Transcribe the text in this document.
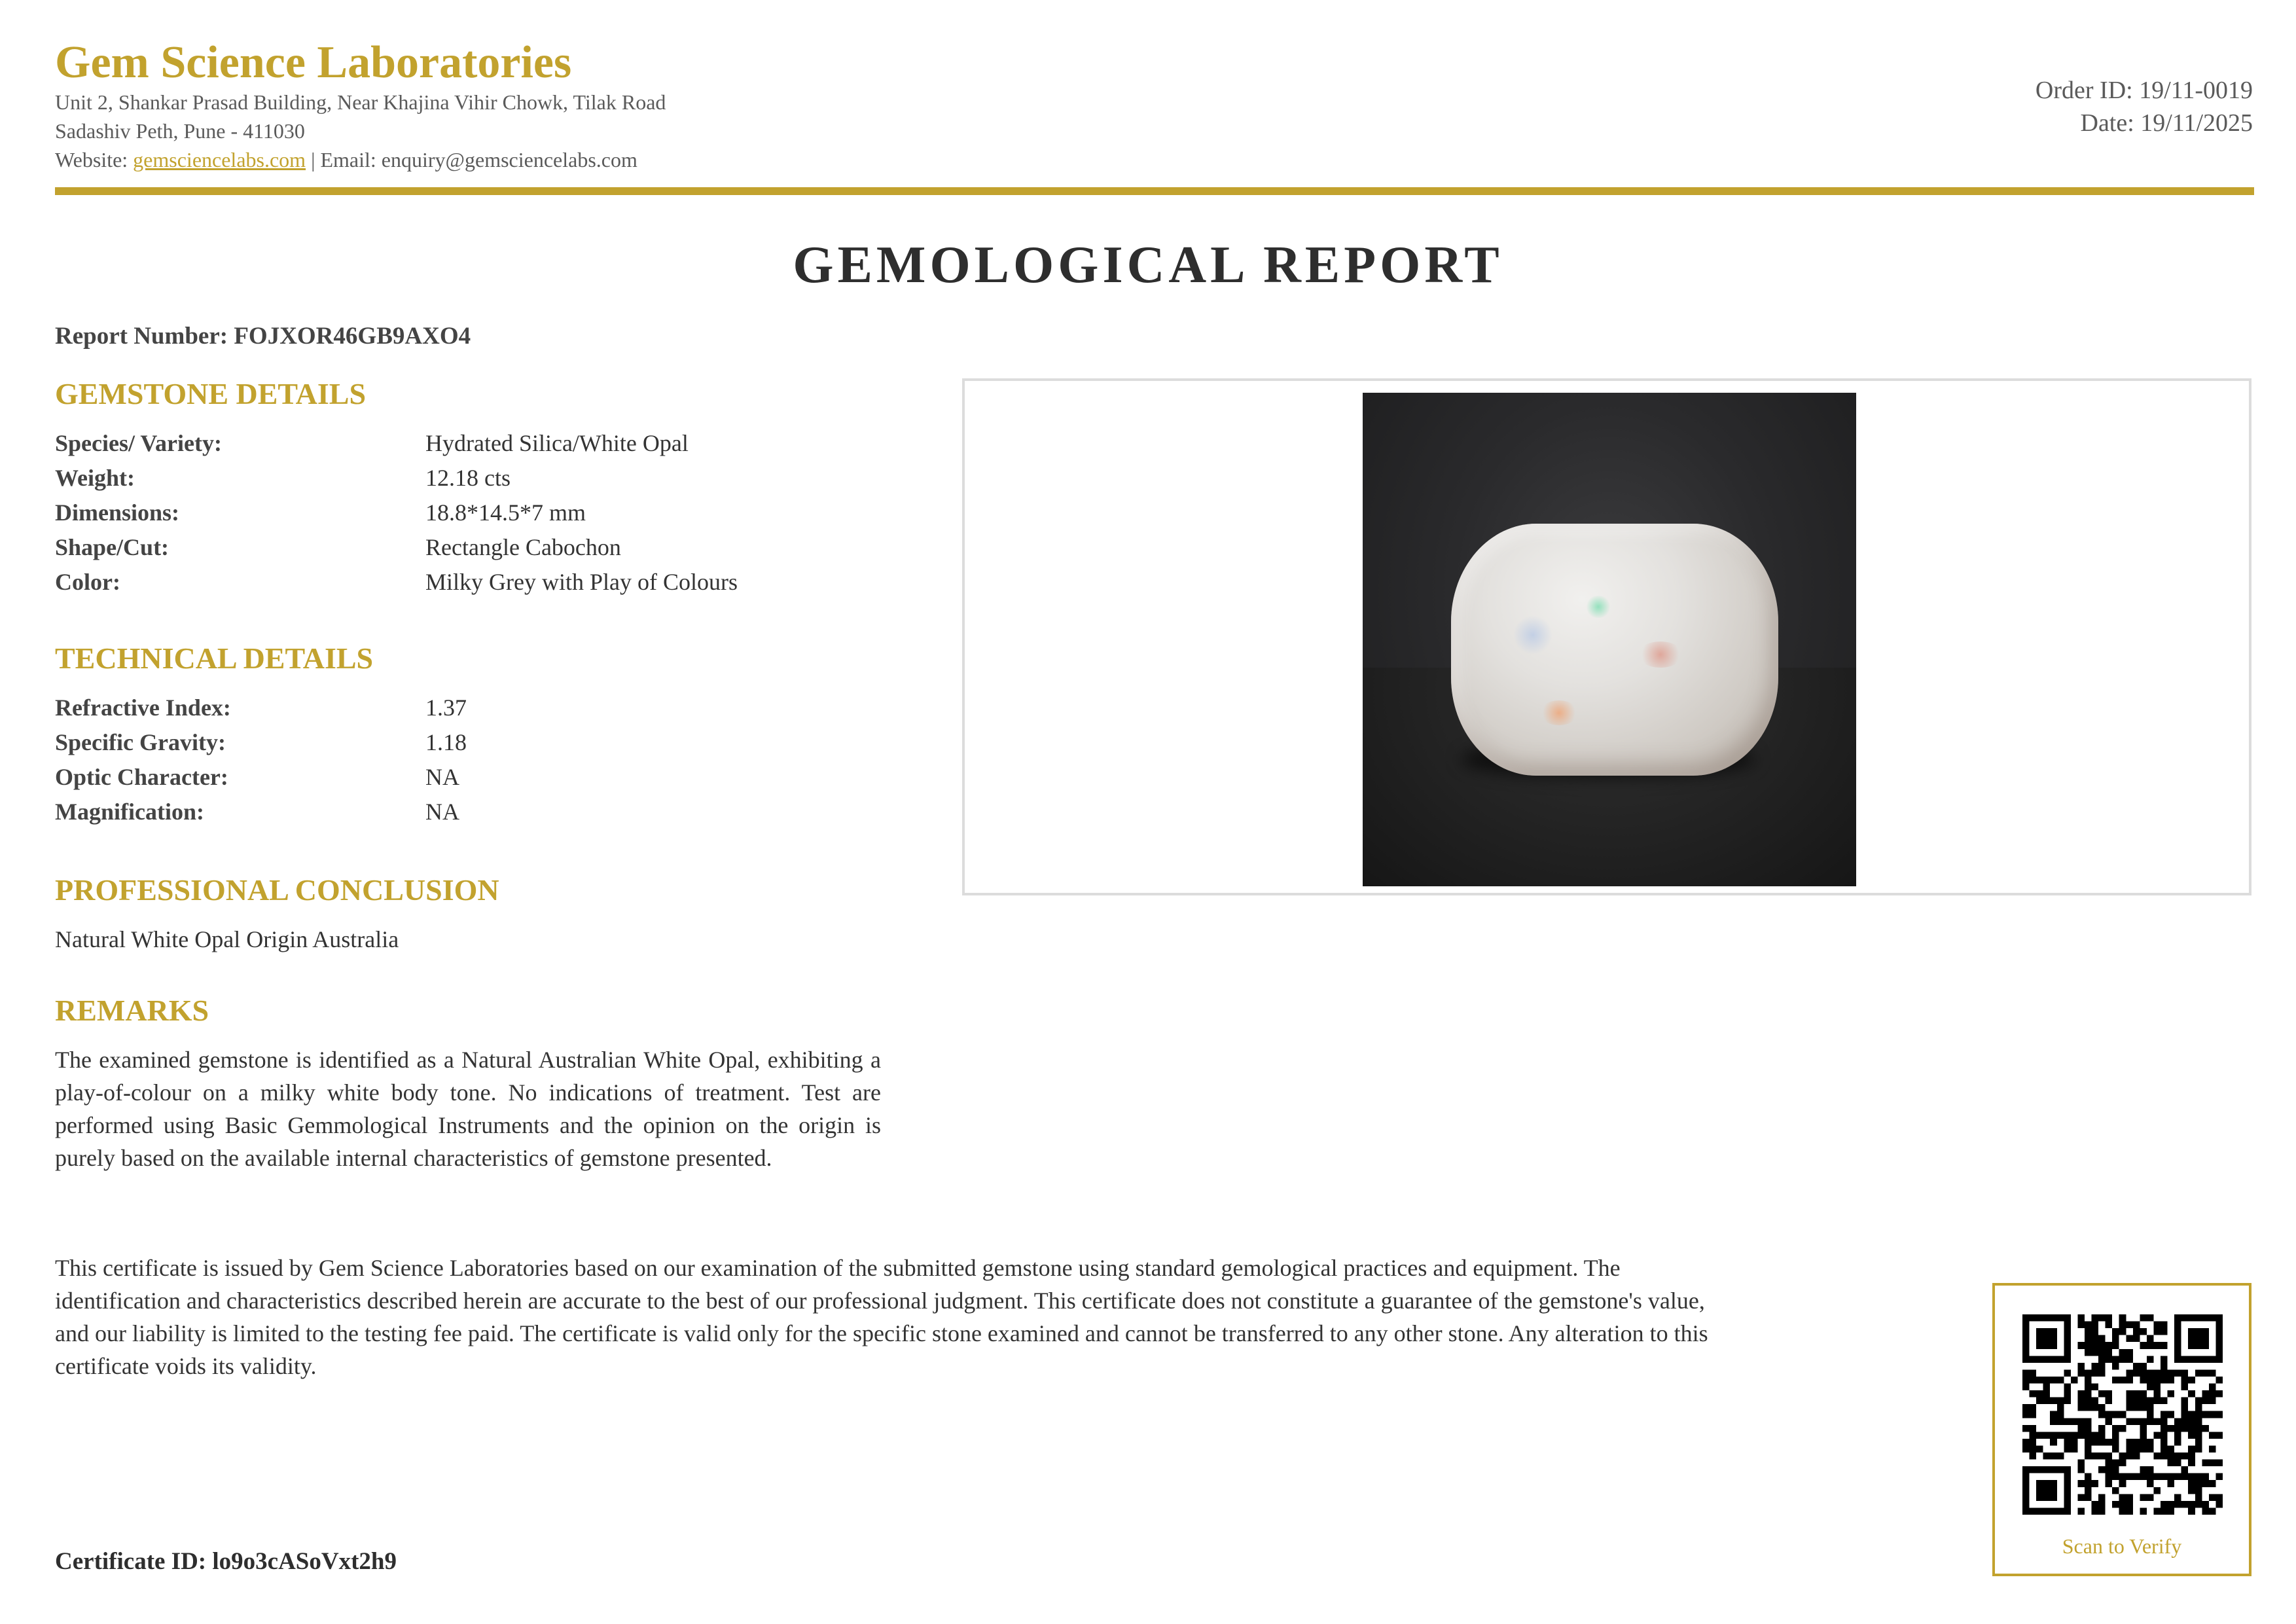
Gem Science Laboratories
Unit 2, Shankar Prasad Building, Near Khajina Vihir Chowk, Tilak Road
Sadashiv Peth, Pune - 411030
Website: gemsciencelabs.com | Email: enquiry@gemsciencelabs.com
Order ID: 19/11-0019
Date: 19/11/2025
GEMOLOGICAL REPORT
Report Number: FOJXOR46GB9AXO4
GEMSTONE DETAILS
Species/ Variety:	Hydrated Silica/White Opal
Weight:	12.18 cts
Dimensions:	18.8*14.5*7 mm
Shape/Cut:	Rectangle Cabochon
Color:	Milky Grey with Play of Colours
TECHNICAL DETAILS
Refractive Index:	1.37
Specific Gravity:	1.18
Optic Character:	NA
Magnification:	NA
PROFESSIONAL CONCLUSION
Natural White Opal Origin Australia
REMARKS
The examined gemstone is identified as a Natural Australian White Opal, exhibiting a play-of-colour on a milky white body tone. No indications of treatment. Test are performed using Basic Gemmological Instruments and the opinion on the origin is purely based on the available internal characteristics of gemstone presented.
This certificate is issued by Gem Science Laboratories based on our examination of the submitted gemstone using standard gemological practices and equipment. The identification and characteristics described herein are accurate to the best of our professional judgment. This certificate does not constitute a guarantee of the gemstone's value, and our liability is limited to the testing fee paid. The certificate is valid only for the specific stone examined and cannot be transferred to any other stone. Any alteration to this certificate voids its validity.
Scan to Verify
Certificate ID: lo9o3cASoVxt2h9
